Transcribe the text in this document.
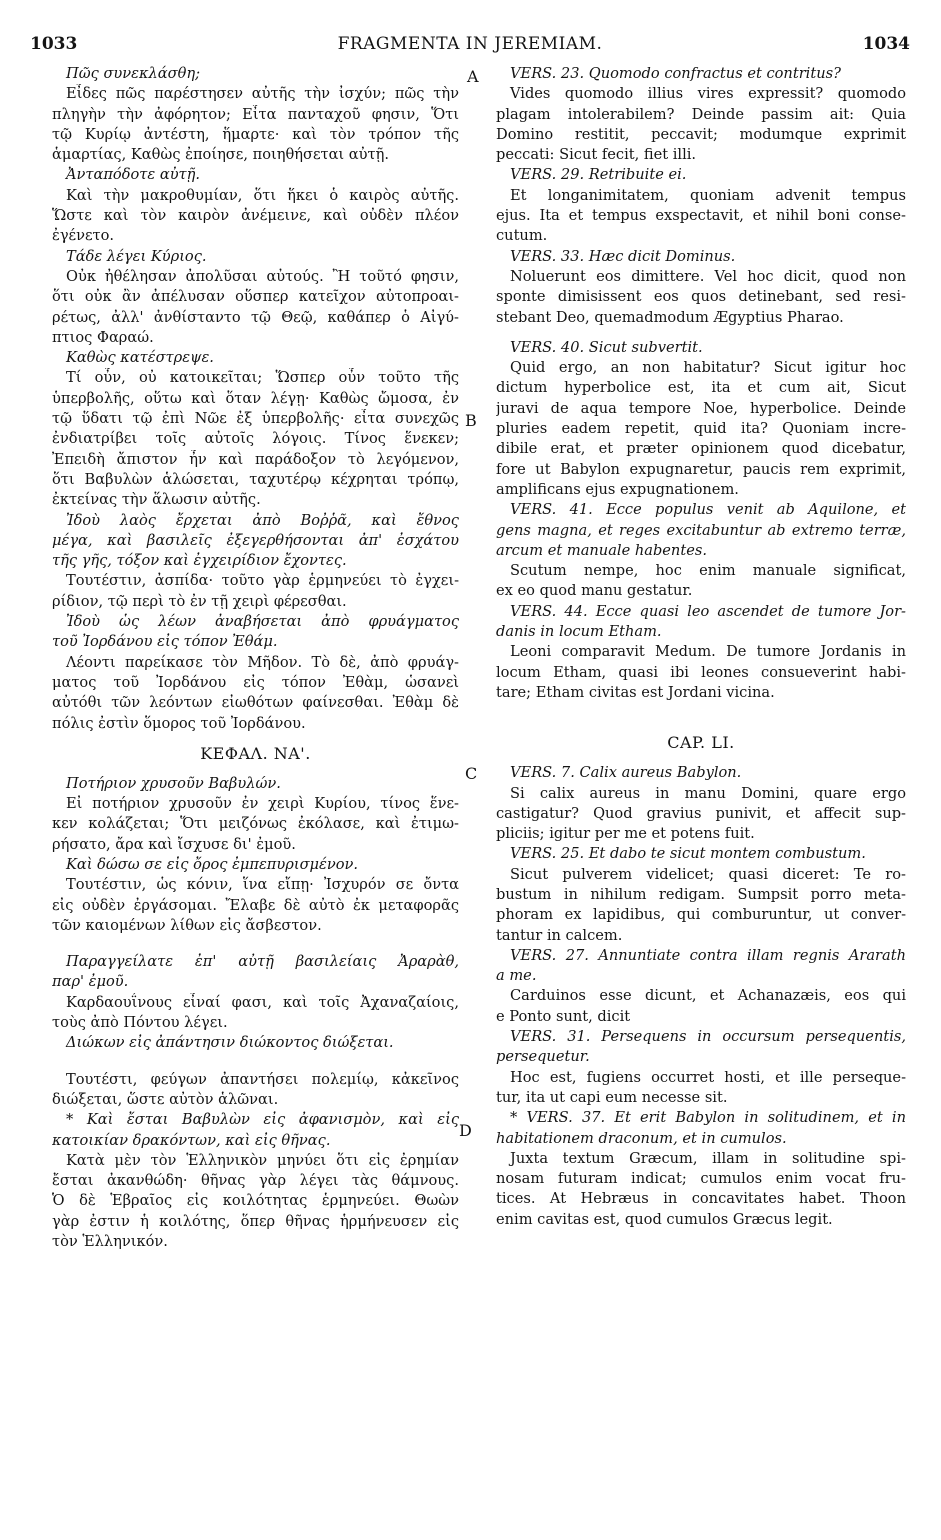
1033	FRAGMENTA IN JEREMIAM.	1034
A
B
C
D

Πῶς συνεκλάσθη;

Εἶδες πῶς παρέστησεν αὐτῆς τὴν ἰσχύν; πῶς τὴν

πληγὴν τὴν ἀφόρητον; Εἶτα πανταχοῦ φησιν, Ὅτι

τῷ Κυρίῳ ἀντέστη, ἥμαρτε· καὶ τὸν τρόπον τῆς

ἁμαρτίας, Καθὼς ἐποίησε, ποιηθήσεται αὐτῇ.

Ἀνταπόδοτε αὐτῇ.

Καὶ τὴν μακροθυμίαν, ὅτι ἥκει ὁ καιρὸς αὐτῆς.

Ὥστε καὶ τὸν καιρὸν ἀνέμεινε, καὶ οὐδὲν πλέον

ἐγένετο.

Τάδε λέγει Κύριος.

Οὐκ ἠθέλησαν ἀπολῦσαι αὐτούς. Ἢ τοῦτό φησιν,

ὅτι οὐκ ἂν ἀπέλυσαν οὕσπερ κατεῖχον αὐτοπροαι-

ρέτως, ἀλλ' ἀνθίσταντο τῷ Θεῷ, καθάπερ ὁ Αἰγύ-

πτιος Φαραώ.

Καθὼς κατέστρεψε.

Τί οὖν, οὐ κατοικεῖται; Ὥσπερ οὖν τοῦτο τῆς

ὑπερβολῆς, οὕτω καὶ ὅταν λέγῃ· Καθὼς ὤμοσα, ἐν

τῷ ὕδατι τῷ ἐπὶ Νῶε ἐξ ὑπερβολῆς· εἶτα συνεχῶς

ἐνδιατρίβει τοῖς αὐτοῖς λόγοις. Τίνος ἕνεκεν;

Ἐπειδὴ ἄπιστον ἦν καὶ παράδοξον τὸ λεγόμενον,

ὅτι Βαβυλὼν ἁλώσεται, ταχυτέρῳ κέχρηται τρόπῳ,

ἐκτείνας τὴν ἅλωσιν αὐτῆς.

Ἰδοὺ λαὸς ἔρχεται ἀπὸ Βοῤῥᾶ, καὶ ἔθνος

μέγα, καὶ βασιλεῖς ἐξεγερθήσονται ἀπ' ἐσχάτου

τῆς γῆς, τόξον καὶ ἐγχειρίδιον ἔχοντες.

Τουτέστιν, ἀσπίδα· τοῦτο γὰρ ἑρμηνεύει τὸ ἐγχει-

ρίδιον, τῷ περὶ τὸ ἐν τῇ χειρὶ φέρεσθαι.

Ἰδοὺ ὡς λέων ἀναβήσεται ἀπὸ φρυάγματος

τοῦ Ἰορδάνου εἰς τόπον Ἐθάμ.

Λέοντι παρείκασε τὸν Μῆδον. Τὸ δὲ, ἀπὸ φρυάγ-

ματος τοῦ Ἰορδάνου εἰς τόπον Ἐθὰμ, ὡσανεὶ

αὐτόθι τῶν λεόντων εἰωθότων φαίνεσθαι. Ἐθὰμ δὲ

πόλις ἐστὶν ὅμορος τοῦ Ἰορδάνου.

ΚΕΦΑΛ. ΝΑ'.

Ποτήριον χρυσοῦν Βαβυλών.

Εἰ ποτήριον χρυσοῦν ἐν χειρὶ Κυρίου, τίνος ἕνε-

κεν κολάζεται; Ὅτι μειζόνως ἐκόλασε, καὶ ἐτιμω-

ρήσατο, ἄρα καὶ ἴσχυσε δι' ἐμοῦ.

Καὶ δώσω σε εἰς ὄρος ἐμπεπυρισμένον.

Τουτέστιν, ὡς κόνιν, ἵνα εἴπῃ· Ἰσχυρόν σε ὄντα

εἰς οὐδὲν ἐργάσομαι. Ἔλαβε δὲ αὐτὸ ἐκ μεταφορᾶς

τῶν καιομένων λίθων εἰς ἄσβεστον.

Παραγγείλατε ἐπ' αὐτῇ βασιλείαις Ἀραρὰθ,

παρ' ἐμοῦ.

Καρδαουΐνους εἶναί φασι, καὶ τοῖς Ἀχαναζαίοις,

τοὺς ἀπὸ Πόντου λέγει.

Διώκων εἰς ἀπάντησιν διώκοντος διώξεται.

Τουτέστι, φεύγων ἀπαντήσει πολεμίῳ, κἀκεῖνος

διώξεται, ὥστε αὐτὸν ἁλῶναι.

* Καὶ ἔσται Βαβυλὼν εἰς ἀφανισμὸν, καὶ εἰς

κατοικίαν δρακόντων, καὶ εἰς θῆνας.

Κατὰ μὲν τὸν Ἑλληνικὸν μηνύει ὅτι εἰς ἐρημίαν

ἔσται ἀκανθώδη· θῆνας γὰρ λέγει τὰς θάμνους.

Ὁ δὲ Ἑβραῖος εἰς κοιλότητας ἑρμηνεύει. Θωὼν

γὰρ ἐστιν ἡ κοιλότης, ὅπερ θῆνας ἡρμήνευσεν εἰς

τὸν Ἑλληνικόν.

VERS. 23. Quomodo confractus et contritus?

Vides quomodo illius vires expressit? quomodo

plagam intolerabilem? Deinde passim ait: Quia

Domino restitit, peccavit; modumque exprimit

peccati: Sicut fecit, fiet illi.

VERS. 29. Retribuite ei.

Et longanimitatem, quoniam advenit tempus

ejus. Ita et tempus exspectavit, et nihil boni conse-

cutum.

VERS. 33. Hæc dicit Dominus.

Noluerunt eos dimittere. Vel hoc dicit, quod non

sponte dimisissent eos quos detinebant, sed resi-

stebant Deo, quemadmodum Ægyptius Pharao.

VERS. 40. Sicut subvertit.

Quid ergo, an non habitatur? Sicut igitur hoc

dictum hyperbolice est, ita et cum ait, Sicut

juravi de aqua tempore Noe, hyperbolice. Deinde

pluries eadem repetit, quid ita? Quoniam incre-

dibile erat, et præter opinionem quod dicebatur,

fore ut Babylon expugnaretur, paucis rem exprimit,

amplificans ejus expugnationem.

VERS. 41. Ecce populus venit ab Aquilone, et

gens magna, et reges excitabuntur ab extremo terræ,

arcum et manuale habentes.

Scutum nempe, hoc enim manuale significat,

ex eo quod manu gestatur.

VERS. 44. Ecce quasi leo ascendet de tumore Jor-

danis in locum Etham.

Leoni comparavit Medum. De tumore Jordanis in

locum Etham, quasi ibi leones consueverint habi-

tare; Etham civitas est Jordani vicina.

CAP. LI.

VERS. 7. Calix aureus Babylon.

Si calix aureus in manu Domini, quare ergo

castigatur? Quod gravius punivit, et affecit sup-

pliciis; igitur per me et potens fuit.

VERS. 25. Et dabo te sicut montem combustum.

Sicut pulverem videlicet; quasi diceret: Te ro-

bustum in nihilum redigam. Sumpsit porro meta-

phoram ex lapidibus, qui comburuntur, ut conver-

tantur in calcem.

VERS. 27. Annuntiate contra illam regnis Ararath

a me.

Carduinos esse dicunt, et Achanazæis, eos qui

e Ponto sunt, dicit

VERS. 31. Persequens in occursum persequentis,

persequetur.

Hoc est, fugiens occurret hosti, et ille perseque-

tur, ita ut capi eum necesse sit.

* VERS. 37. Et erit Babylon in solitudinem, et in

habitationem draconum, et in cumulos.

Juxta textum Græcum, illam in solitudine spi-

nosam futuram indicat; cumulos enim vocat fru-

tices. At Hebræus in concavitates habet. Thoon

enim cavitas est, quod cumulos Græcus legit.
